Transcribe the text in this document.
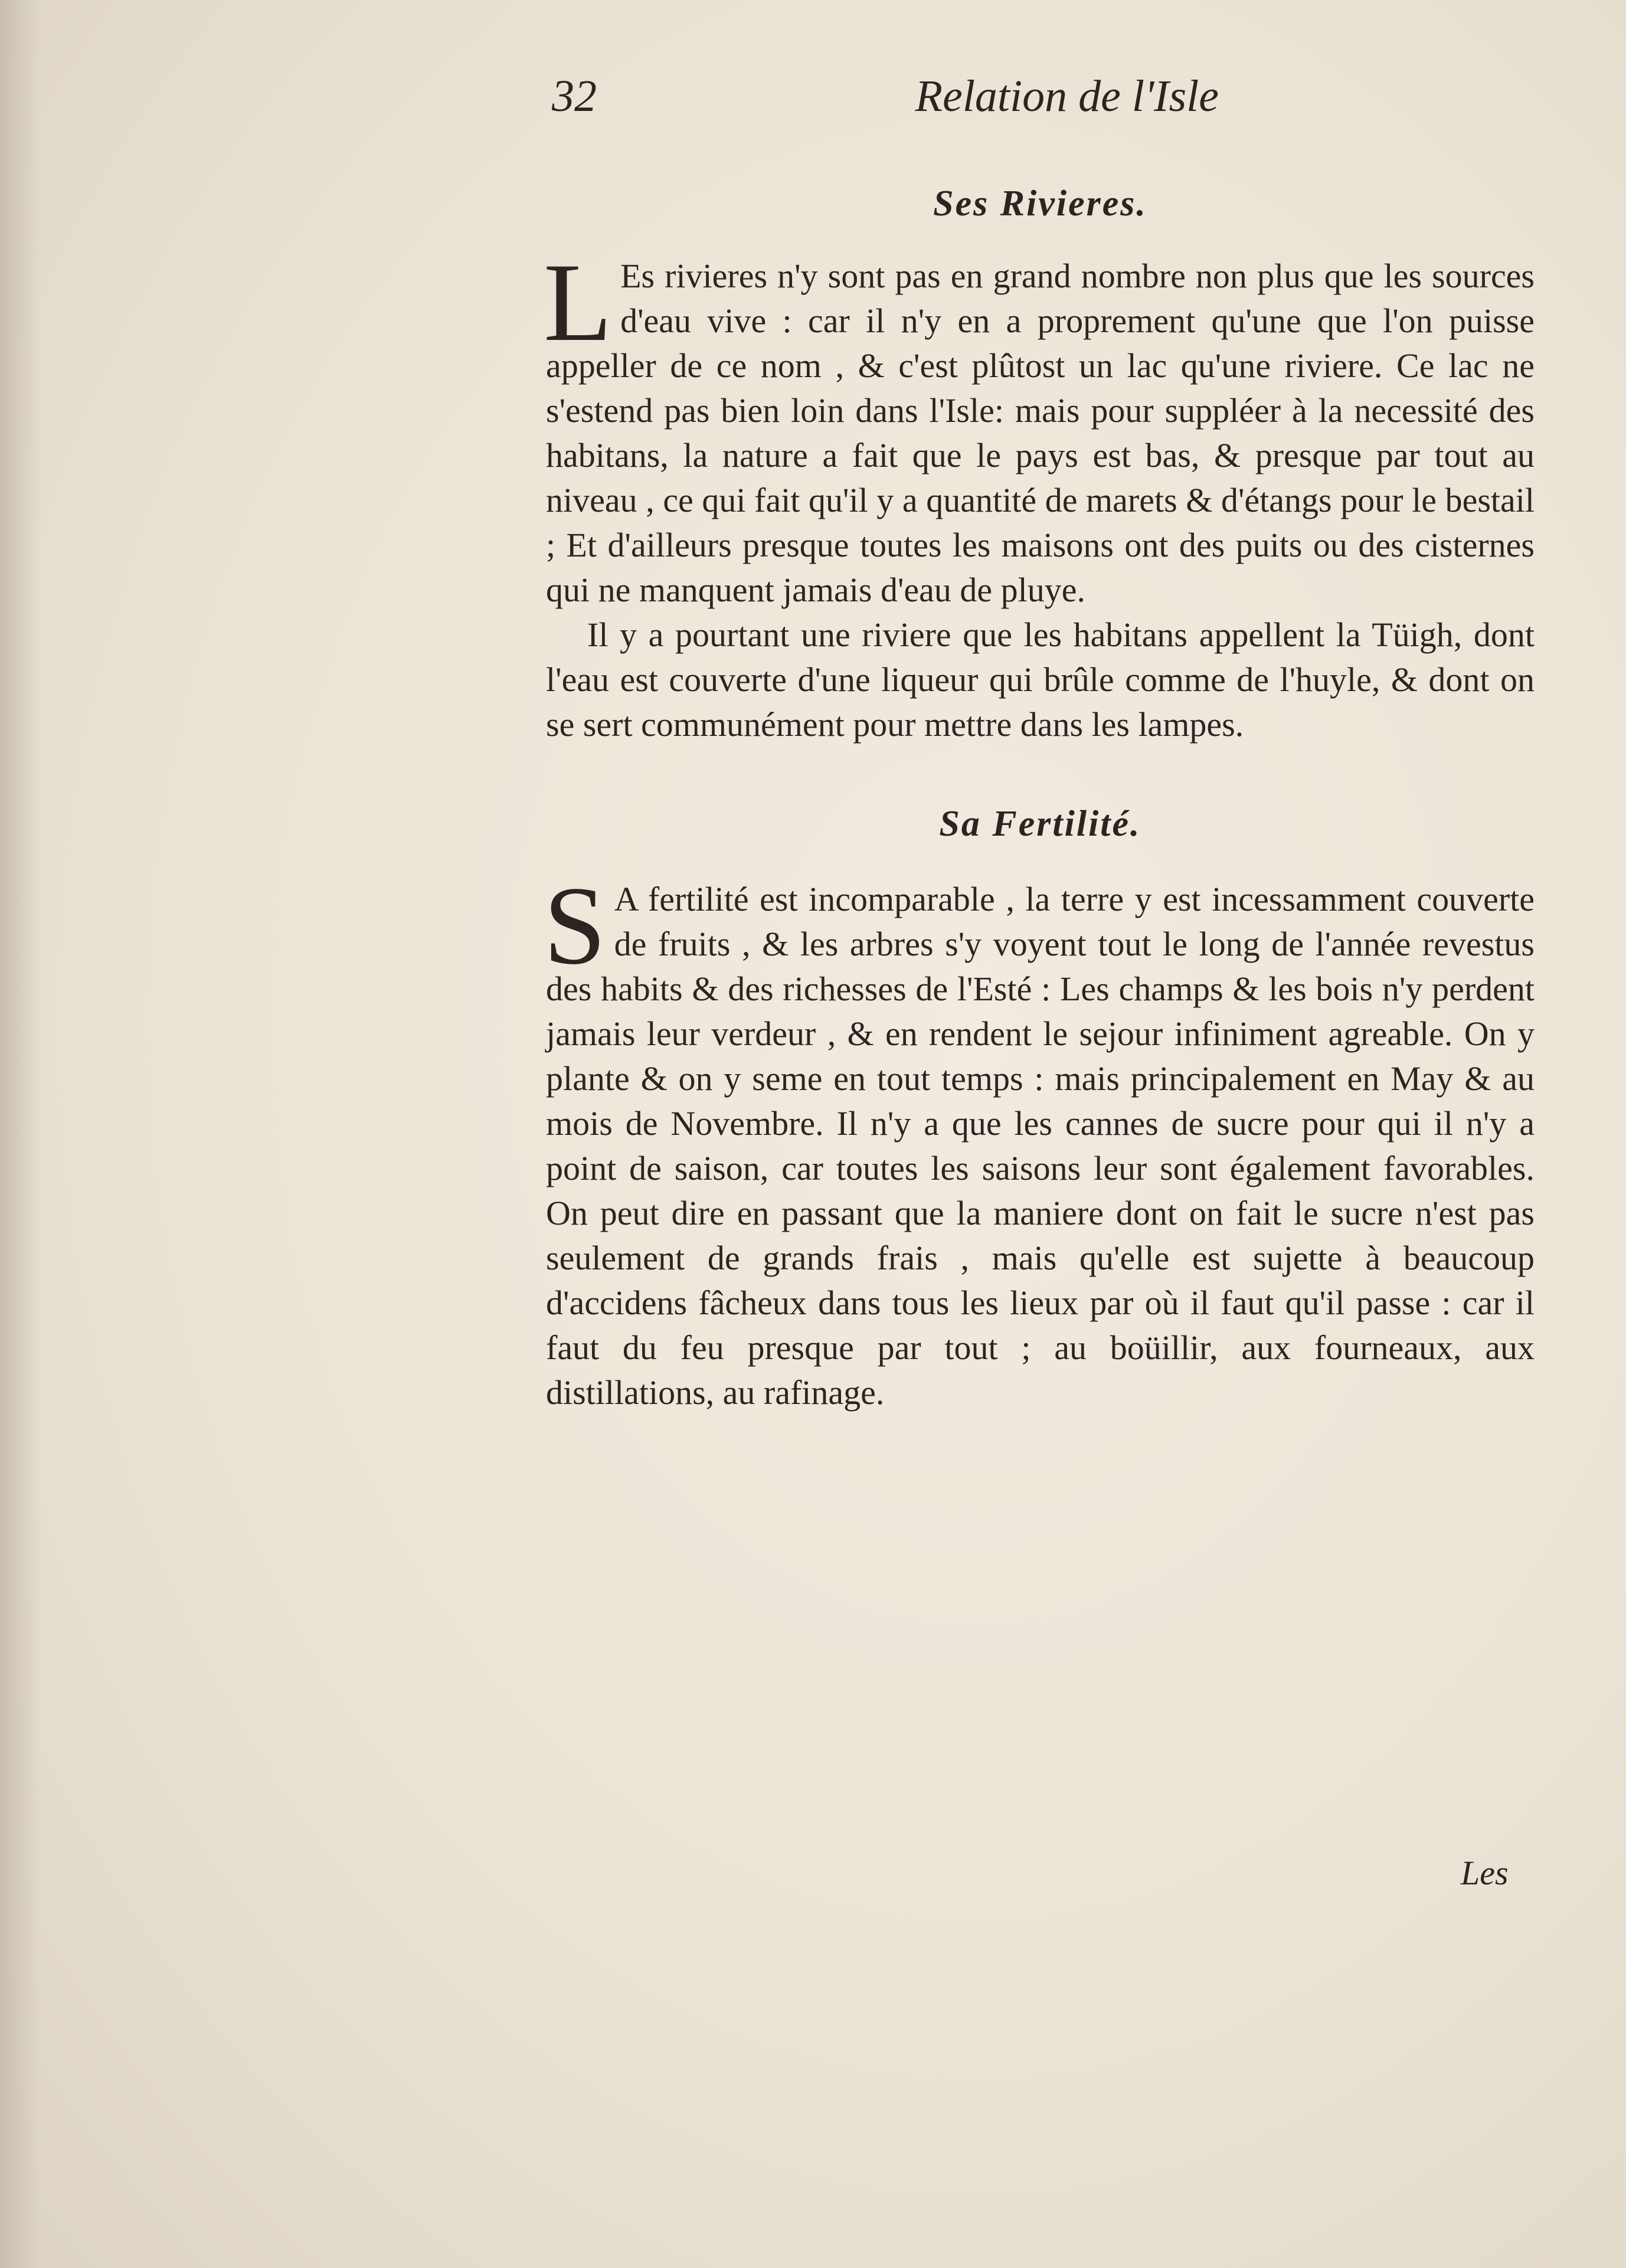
32	Relation de l'Isle
Ses Rivieres.

L Es rivieres n'y sont pas en grand nombre non plus que les sources d'eau vive : car il n'y en a proprement qu'une que l'on puisse appeller de ce nom , & c'est plûtost un lac qu'une riviere. Ce lac ne s'estend pas bien loin dans l'Isle: mais pour suppléer à la necessité des habitans, la nature a fait que le pays est bas, & presque par tout au niveau , ce qui fait qu'il y a quantité de marets & d'étangs pour le bestail ; Et d'ailleurs presque toutes les maisons ont des puits ou des cisternes qui ne manquent jamais d'eau de pluye.

Il y a pourtant une riviere que les habitans appellent la Tüigh, dont l'eau est couverte d'une liqueur qui brûle comme de l'huyle, & dont on se sert communément pour mettre dans les lampes.

Sa Fertilité.

S A fertilité est incomparable , la terre y est incessamment couverte de fruits , & les arbres s'y voyent tout le long de l'année revestus des habits & des richesses de l'Esté : Les champs & les bois n'y perdent jamais leur verdeur , & en rendent le sejour infiniment agreable. On y plante & on y seme en tout temps : mais principalement en May & au mois de Novembre. Il n'y a que les cannes de sucre pour qui il n'y a point de saison, car toutes les saisons leur sont également favorables. On peut dire en passant que la maniere dont on fait le sucre n'est pas seulement de grands frais , mais qu'elle est sujette à beaucoup d'accidens fâcheux dans tous les lieux par où il faut qu'il passe : car il faut du feu presque par tout ; au boüillir, aux fourneaux, aux distillations, au rafinage.

Les
